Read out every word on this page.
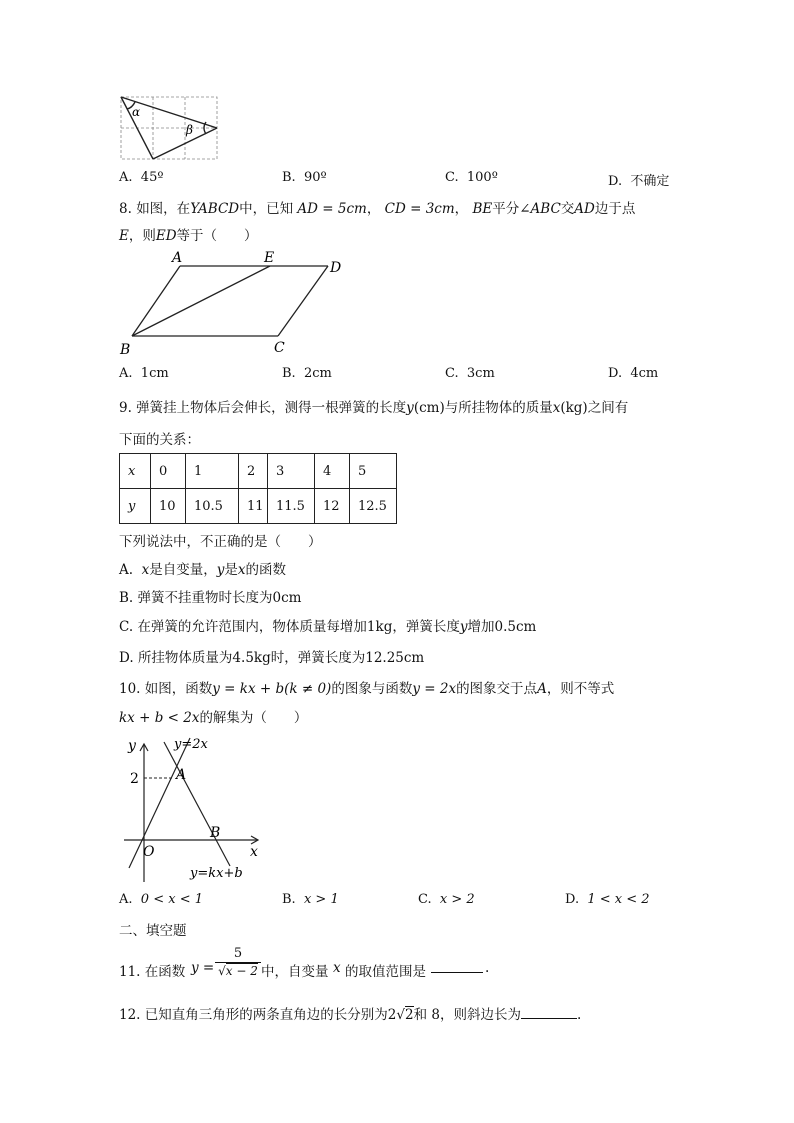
α
β
A. 45º	B. 90º	C. 100º	D. 不确定
8. 如图，在YABCD中，已知 AD = 5cm， CD = 3cm， BE平分∠ABC交AD边于点
E，则ED等于（　　）
A	E
D
B	C
A. 1cm	B. 2cm	C. 3cm	D. 4cm
9. 弹簧挂上物体后会伸长，测得一根弹簧的长度y(cm)与所挂物体的质量x(kg)之间有
下面的关系：
x	0	1	2	3	4	5
y	10	10.5	11	11.5	12	12.5
下列说法中，不正确的是（　　）
A. x是自变量，y是x的函数
B. 弹簧不挂重物时长度为0cm
C. 在弹簧的允许范围内，物体质量每增加1kg，弹簧长度y增加0.5cm
D. 所挂物体质量为4.5kg时，弹簧长度为12.25cm
10. 如图，函数y = kx + b(k ≠ 0)的图象与函数y = 2x的图象交于点A，则不等式
kx + b < 2x的解集为（　　）
y	y=2x
2	A
B
O	x
y=kx+b
A. 0 < x < 1	B. x > 1	C. x > 2	D. 1 < x < 2
二、填空题
11. 在函数 y =
5
√x − 2 中，自变量 x 的取值范围是	.
12. 已知直角三角形的两条直角边的长分别为2√2和 8，则斜边长为	.
